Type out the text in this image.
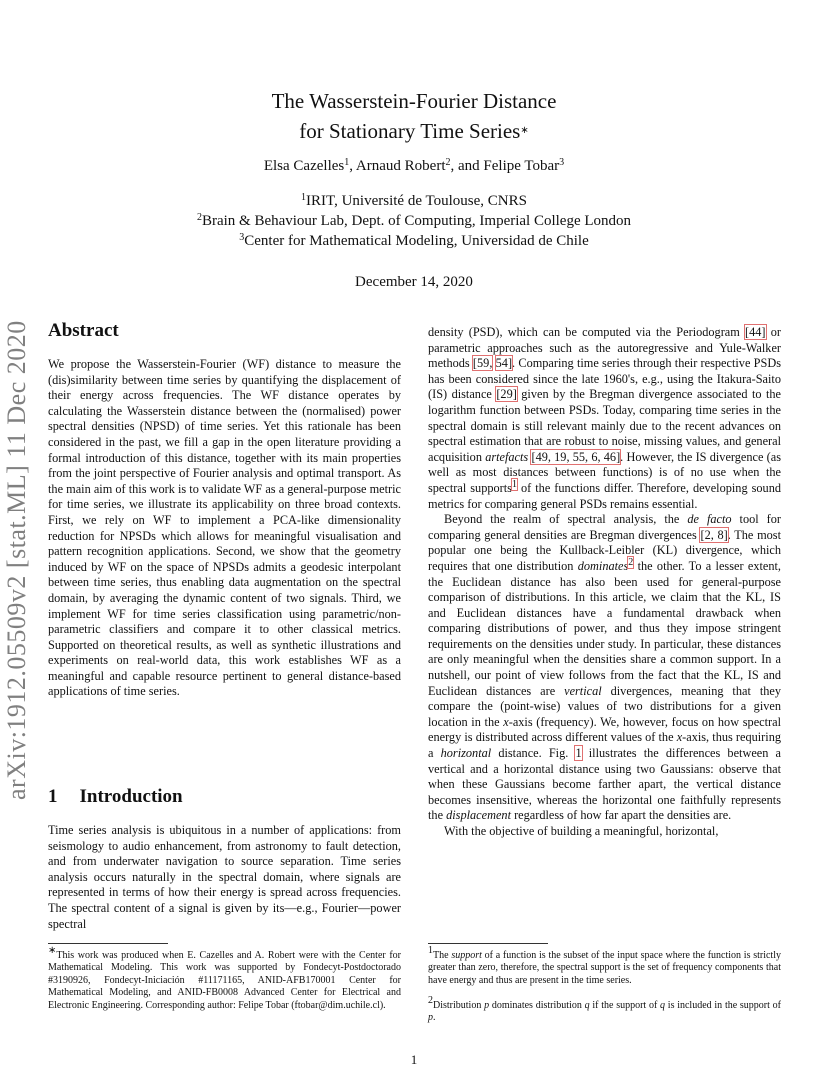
arXiv:1912.05509v2 [stat.ML] 11 Dec 2020
The Wasserstein-Fourier Distance
for Stationary Time Series∗
Elsa Cazelles$^1$, Arnaud Robert$^2$, and Felipe Tobar$^3$
$^1$IRIT, Université de Toulouse, CNRS
$^2$Brain & Behaviour Lab, Dept. of Computing, Imperial College London
$^3$Center for Mathematical Modeling, Universidad de Chile
December 14, 2020
Abstract

We propose the Wasserstein-Fourier (WF) distance to measure the (dis)similarity between time series by quantifying the displacement of their energy across frequencies. The WF distance operates by calculating the Wasserstein distance between the (normalised) power spectral densities (NPSD) of time series. Yet this rationale has been considered in the past, we fill a gap in the open literature providing a formal introduction of this distance, together with its main properties from the joint perspective of Fourier analysis and optimal transport. As the main aim of this work is to validate WF as a general-purpose metric for time series, we illustrate its applicability on three broad contexts. First, we rely on WF to implement a PCA-like dimensionality reduction for NPSDs which allows for meaningful visualisation and pattern recognition applications. Second, we show that the geometry induced by WF on the space of NPSDs admits a geodesic interpolant between time series, thus enabling data augmentation on the spectral domain, by averaging the dynamic content of two signals. Third, we implement WF for time series classification using parametric/non-parametric classifiers and compare it to other classical metrics. Supported on theoretical results, as well as synthetic illustrations and experiments on real-world data, this work establishes WF as a meaningful and capable resource pertinent to general distance-based applications of time series.

1 Introduction

Time series analysis is ubiquitous in a number of applications: from seismology to audio enhancement, from astronomy to fault detection, and from underwater navigation to source separation. Time series analysis occurs naturally in the spectral domain, where signals are represented in terms of how their energy is spread across frequencies. The spectral content of a signal is given by its—e.g., Fourier—power spectral

density (PSD), which can be computed via the Periodogram [44] or parametric approaches such as the autoregressive and Yule-Walker methods [59, 54]. Comparing time series through their respective PSDs has been considered since the late 1960's, e.g., using the Itakura-Saito (IS) distance [29] given by the Bregman divergence associated to the logarithm function between PSDs. Today, comparing time series in the spectral domain is still relevant mainly due to the recent advances on spectral estimation that are robust to noise, missing values, and general acquisition artefacts [49, 19, 55, 6, 46]. However, the IS divergence (as well as most distances between functions) is of no use when the spectral supports$^1$ of the functions differ. Therefore, developing sound metrics for comparing general PSDs remains essential.

Beyond the realm of spectral analysis, the de facto tool for comparing general densities are Bregman divergences [2, 8]. The most popular one being the Kullback-Leibler (KL) divergence, which requires that one distribution dominates$^2$ the other. To a lesser extent, the Euclidean distance has also been used for general-purpose comparison of distributions. In this article, we claim that the KL, IS and Euclidean distances have a fundamental drawback when comparing distributions of power, and thus they impose stringent requirements on the densities under study. In particular, these distances are only meaningful when the densities share a common support. In a nutshell, our point of view follows from the fact that the KL, IS and Euclidean distances are vertical divergences, meaning that they compare the (point-wise) values of two distributions for a given location in the x-axis (frequency). We, however, focus on how spectral energy is distributed across different values of the x-axis, thus requiring a horizontal distance. Fig. 1 illustrates the differences between a vertical and a horizontal distance using two Gaussians: observe that when these Gaussians become farther apart, the vertical distance becomes insensitive, whereas the horizontal one faithfully represents the displacement regardless of how far apart the densities are.

With the objective of building a meaningful, horizontal,

∗This work was produced when E. Cazelles and A. Robert were with the Center for Mathematical Modeling. This work was supported by Fondecyt-Postdoctorado #3190926, Fondecyt-Iniciación #11171165, ANID-AFB170001 Center for Mathematical Modeling, and ANID-FB0008 Advanced Center for Electrical and Electronic Engineering. Corresponding author: Felipe Tobar (ftobar@dim.uchile.cl).

$^1$The support of a function is the subset of the input space where the function is strictly greater than zero, therefore, the spectral support is the set of frequency components that have energy and thus are present in the time series.

$^2$Distribution p dominates distribution q if the support of q is included in the support of p.

1
